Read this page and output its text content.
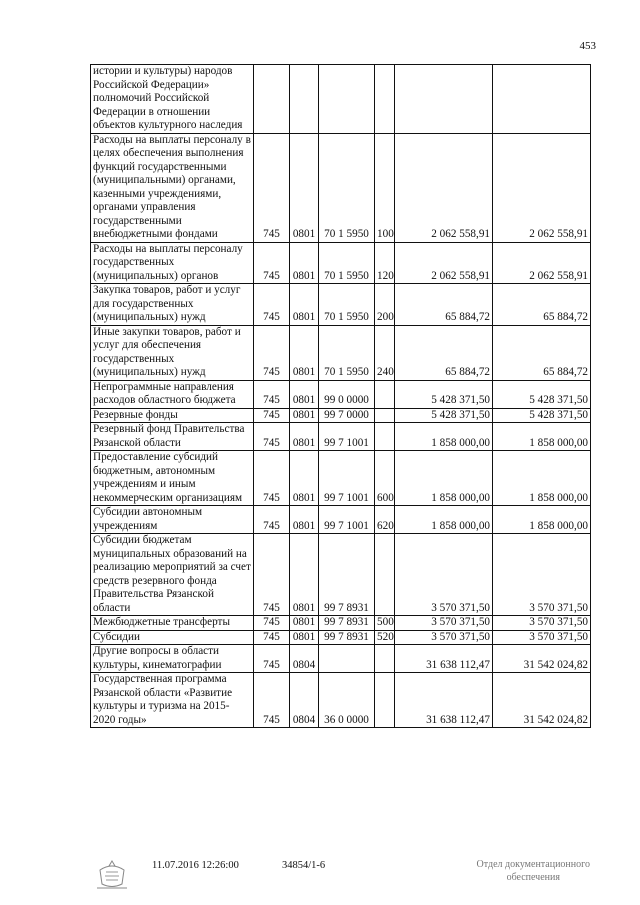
453
истории и культуры) народов Российской Федерации» полномочий Российской Федерации в отношении объектов культурного наследия						
Расходы на выплаты персоналу в целях обеспечения выполнения функций государственными (муниципальными) органами, казенными учреждениями, органами управления государственными внебюджетными фондами	745	0801	70 1 5950	100	2 062 558,91	2 062 558,91
Расходы на выплаты персоналу государственных (муниципальных) органов	745	0801	70 1 5950	120	2 062 558,91	2 062 558,91
Закупка товаров, работ и услуг для государственных (муниципальных) нужд	745	0801	70 1 5950	200	65 884,72	65 884,72
Иные закупки товаров, работ и услуг для обеспечения государственных (муниципальных) нужд	745	0801	70 1 5950	240	65 884,72	65 884,72
Непрограммные направления расходов областного бюджета	745	0801	99 0 0000		5 428 371,50	5 428 371,50
Резервные фонды	745	0801	99 7 0000		5 428 371,50	5 428 371,50
Резервный фонд Правительства Рязанской области	745	0801	99 7 1001		1 858 000,00	1 858 000,00
Предоставление субсидий бюджетным, автономным учреждениям и иным некоммерческим организациям	745	0801	99 7 1001	600	1 858 000,00	1 858 000,00
Субсидии автономным учреждениям	745	0801	99 7 1001	620	1 858 000,00	1 858 000,00
Субсидии бюджетам муниципальных образований на реализацию мероприятий за счет средств резервного фонда Правительства Рязанской области	745	0801	99 7 8931		3 570 371,50	3 570 371,50
Межбюджетные трансферты	745	0801	99 7 8931	500	3 570 371,50	3 570 371,50
Субсидии	745	0801	99 7 8931	520	3 570 371,50	3 570 371,50
Другие вопросы в области культуры, кинематографии	745	0804			31 638 112,47	31 542 024,82
Государственная программа Рязанской области «Развитие культуры и туризма на 2015-2020 годы»	745	0804	36 0 0000		31 638 112,47	31 542 024,82
11.07.2016 12:26:00	34854/1-6	Отдел документационного
обеспечения
